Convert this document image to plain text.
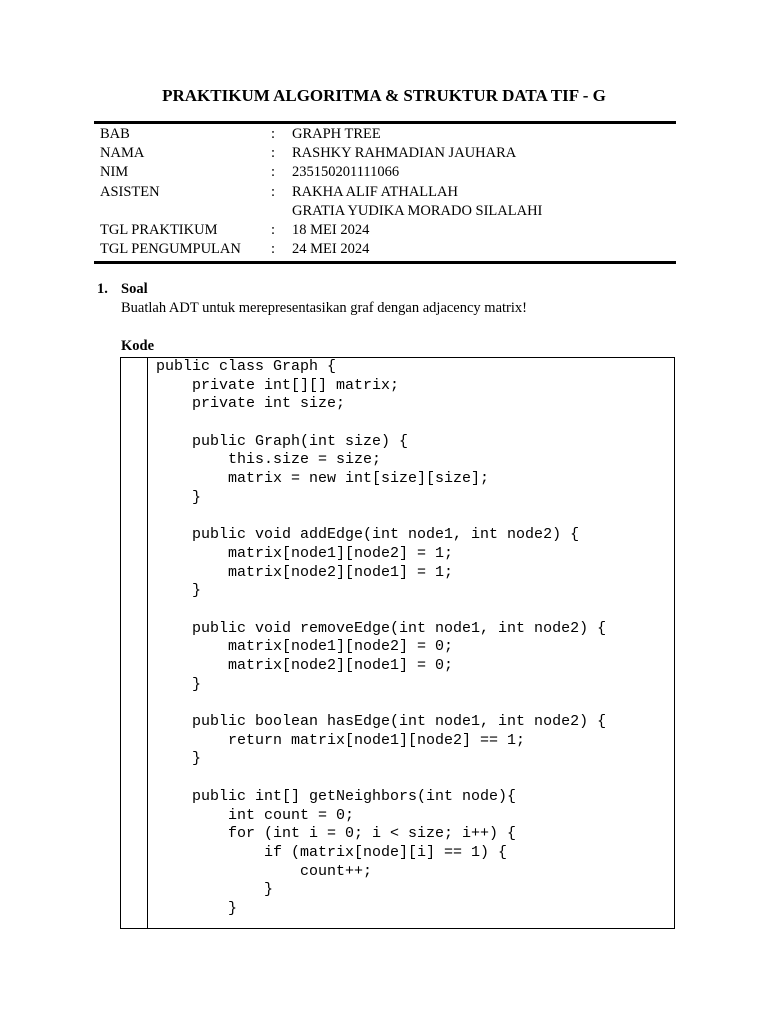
PRAKTIKUM ALGORITMA & STRUKTUR DATA TIF - G
BAB	:	GRAPH TREE
NAMA	:	RASHKY RAHMADIAN JAUHARA
NIM	:	235150201111066
ASISTEN	:	RAKHA ALIF ATHALLAH
GRATIA YUDIKA MORADO SILALAHI
TGL PRAKTIKUM	:	18 MEI 2024
TGL PENGUMPULAN	:	24 MEI 2024
1. Soal
Buatlah ADT untuk merepresentasikan graf dengan adjacency matrix!
Kode
public class Graph {
private int[][] matrix;
private int size;
public Graph(int size) {
this.size = size;
matrix = new int[size][size];
}
public void addEdge(int node1, int node2) {
matrix[node1][node2] = 1;
matrix[node2][node1] = 1;
}
public void removeEdge(int node1, int node2) {
matrix[node1][node2] = 0;
matrix[node2][node1] = 0;
}
public boolean hasEdge(int node1, int node2) {
return matrix[node1][node2] == 1;
}
public int[] getNeighbors(int node){
int count = 0;
for (int i = 0; i < size; i++) {
if (matrix[node][i] == 1) {
count++;
}
}
